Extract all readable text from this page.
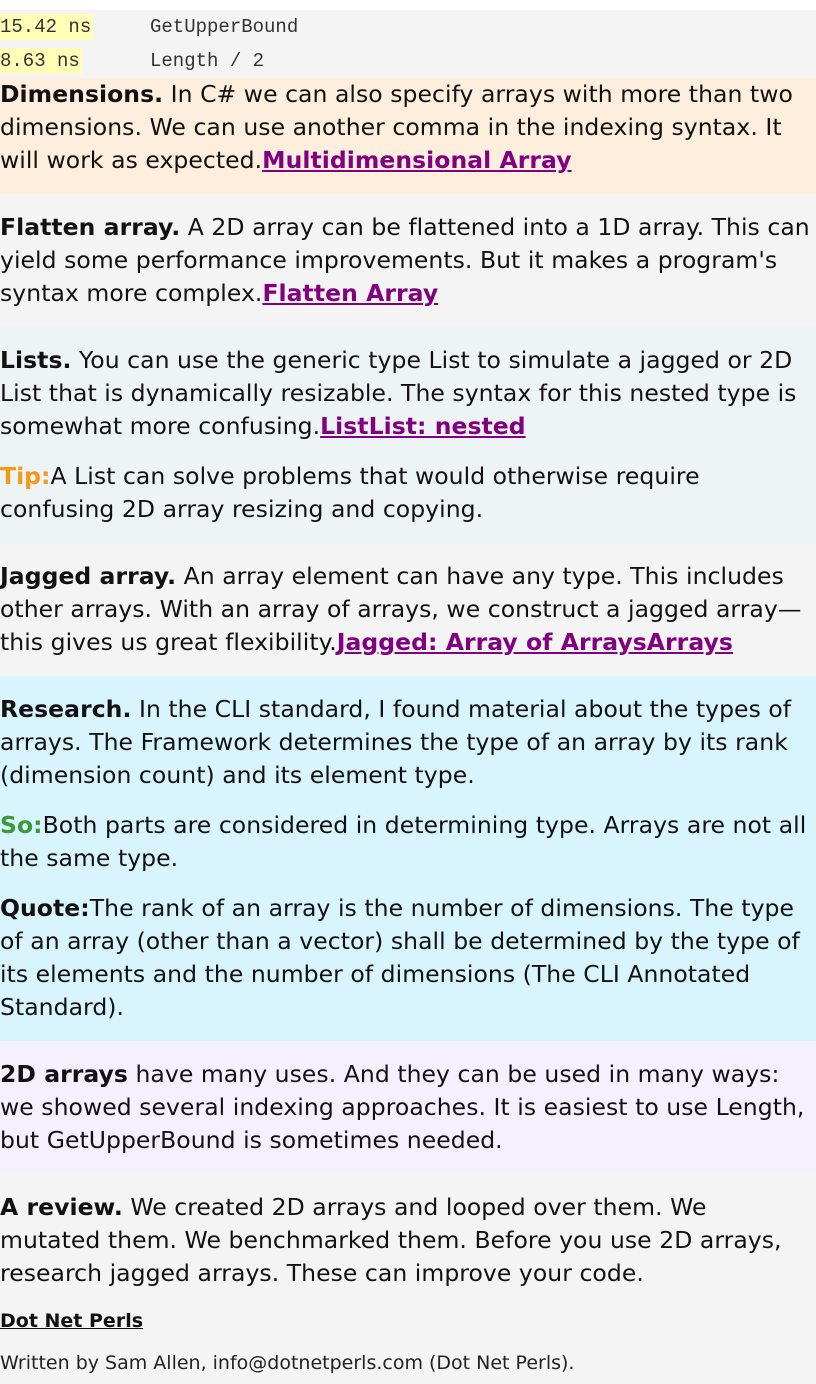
15.42 ns	GetUpperBound
8.63 ns	Length / 2

Dimensions. In C# we can also specify arrays with more than two dimensions. We can use another comma in the indexing syntax. It will work as expected.Multidimensional Array

Flatten array. A 2D array can be flattened into a 1D array. This can yield some performance improvements. But it makes a program's syntax more complex.Flatten Array

Lists. You can use the generic type List to simulate a jagged or 2D List that is dynamically resizable. The syntax for this nested type is somewhat more confusing.ListList: nested

Tip:A List can solve problems that would otherwise require confusing 2D array resizing and copying.

Jagged array. An array element can have any type. This includes other arrays. With an array of arrays, we construct a jagged array—this gives us great flexibility.Jagged: Array of ArraysArrays

Research. In the CLI standard, I found material about the types of arrays. The Framework determines the type of an array by its rank (dimension count) and its element type.

So:Both parts are considered in determining type. Arrays are not all the same type.

Quote:The rank of an array is the number of dimensions. The type of an array (other than a vector) shall be determined by the type of its elements and the number of dimensions (The CLI Annotated Standard).

2D arrays have many uses. And they can be used in many ways: we showed several indexing approaches. It is easiest to use Length, but GetUpperBound is sometimes needed.

A review. We created 2D arrays and looped over them. We mutated them. We benchmarked them. Before you use 2D arrays, research jagged arrays. These can improve your code.

Dot Net Perls
Written by Sam Allen, info@dotnetperls.com (Dot Net Perls).
